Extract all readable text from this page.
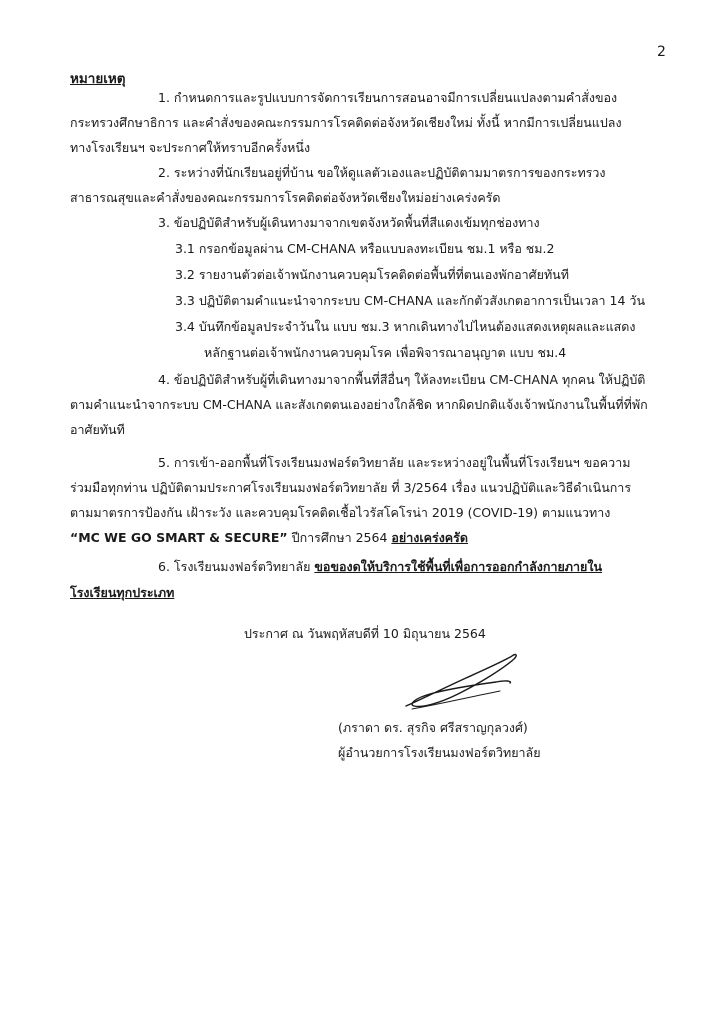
2
หมายเหตุ
1. กำหนดการและรูปแบบการจัดการเรียนการสอนอาจมีการเปลี่ยนแปลงตามคำสั่งของ
กระทรวงศึกษาธิการ และคำสั่งของคณะกรรมการโรคติดต่อจังหวัดเชียงใหม่ ทั้งนี้ หากมีการเปลี่ยนแปลง
ทางโรงเรียนฯ จะประกาศให้ทราบอีกครั้งหนึ่ง
2. ระหว่างที่นักเรียนอยู่ที่บ้าน ขอให้ดูแลตัวเองและปฏิบัติตามมาตรการของกระทรวง
สาธารณสุขและคำสั่งของคณะกรรมการโรคติดต่อจังหวัดเชียงใหม่อย่างเคร่งครัด
3. ข้อปฏิบัติสำหรับผู้เดินทางมาจากเขตจังหวัดพื้นที่สีแดงเข้มทุกช่องทาง
3.1 กรอกข้อมูลผ่าน CM-CHANA หรือแบบลงทะเบียน ชม.1 หรือ ชม.2
3.2 รายงานตัวต่อเจ้าพนักงานควบคุมโรคติดต่อพื้นที่ที่ตนเองพักอาศัยทันที
3.3 ปฏิบัติตามคำแนะนำจากระบบ CM-CHANA และกักตัวสังเกตอาการเป็นเวลา 14 วัน
3.4 บันทึกข้อมูลประจำวันใน แบบ ชม.3 หากเดินทางไปไหนต้องแสดงเหตุผลและแสดง
หลักฐานต่อเจ้าพนักงานควบคุมโรค เพื่อพิจารณาอนุญาต แบบ ชม.4
4. ข้อปฏิบัติสำหรับผู้ที่เดินทางมาจากพื้นที่สีอื่นๆ ให้ลงทะเบียน CM-CHANA ทุกคน ให้ปฏิบัติ
ตามคำแนะนำจากระบบ CM-CHANA และสังเกตตนเองอย่างใกล้ชิด หากผิดปกติแจ้งเจ้าพนักงานในพื้นที่ที่พัก
อาศัยทันที
5. การเข้า-ออกพื้นที่โรงเรียนมงฟอร์ตวิทยาลัย และระหว่างอยู่ในพื้นที่โรงเรียนฯ ขอความ
ร่วมมือทุกท่าน ปฏิบัติตามประกาศโรงเรียนมงฟอร์ตวิทยาลัย ที่ 3/2564 เรื่อง แนวปฏิบัติและวิธีดำเนินการ
ตามมาตรการป้องกัน เฝ้าระวัง และควบคุมโรคติดเชื้อไวรัสโคโรน่า 2019 (COVID-19) ตามแนวทาง
“MC WE GO SMART & SECURE” ปีการศึกษา 2564 อย่างเคร่งครัด
6. โรงเรียนมงฟอร์ตวิทยาลัย ขอของดให้บริการใช้พื้นที่เพื่อการออกกำลังกายภายใน
โรงเรียนทุกประเภท
ประกาศ ณ วันพฤหัสบดีที่ 10 มิถุนายน 2564
(ภราดา ดร. สุรกิจ ศรีสราญกุลวงศ์)
ผู้อำนวยการโรงเรียนมงฟอร์ตวิทยาลัย
